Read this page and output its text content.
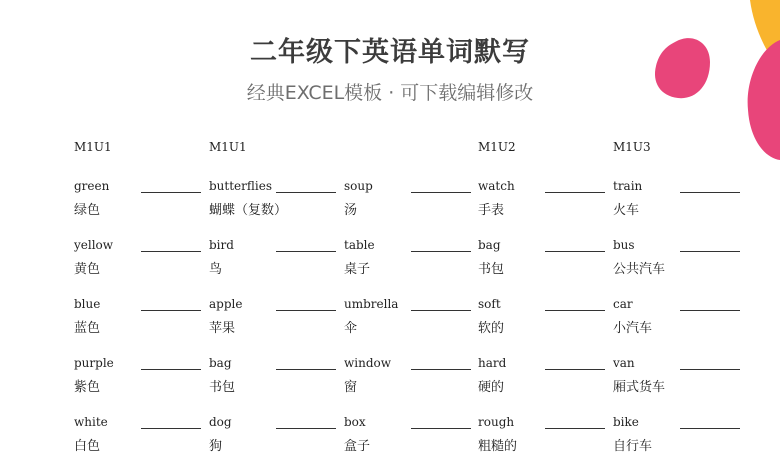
二年级下英语单词默写
经典EXCEL模板 · 可下载编辑修改
M1U1
green
绿色
yellow
黄色
blue
蓝色
purple
紫色
white
白色
M1U1
butterflies
蝴蝶（复数）
bird
鸟
apple
苹果
bag
书包
dog
狗
soup
汤
table
桌子
umbrella
伞
window
窗
box
盒子
M1U2
watch
手表
bag
书包
soft
软的
hard
硬的
rough
粗糙的
M1U3
train
火车
bus
公共汽车
car
小汽车
van
厢式货车
bike
自行车
